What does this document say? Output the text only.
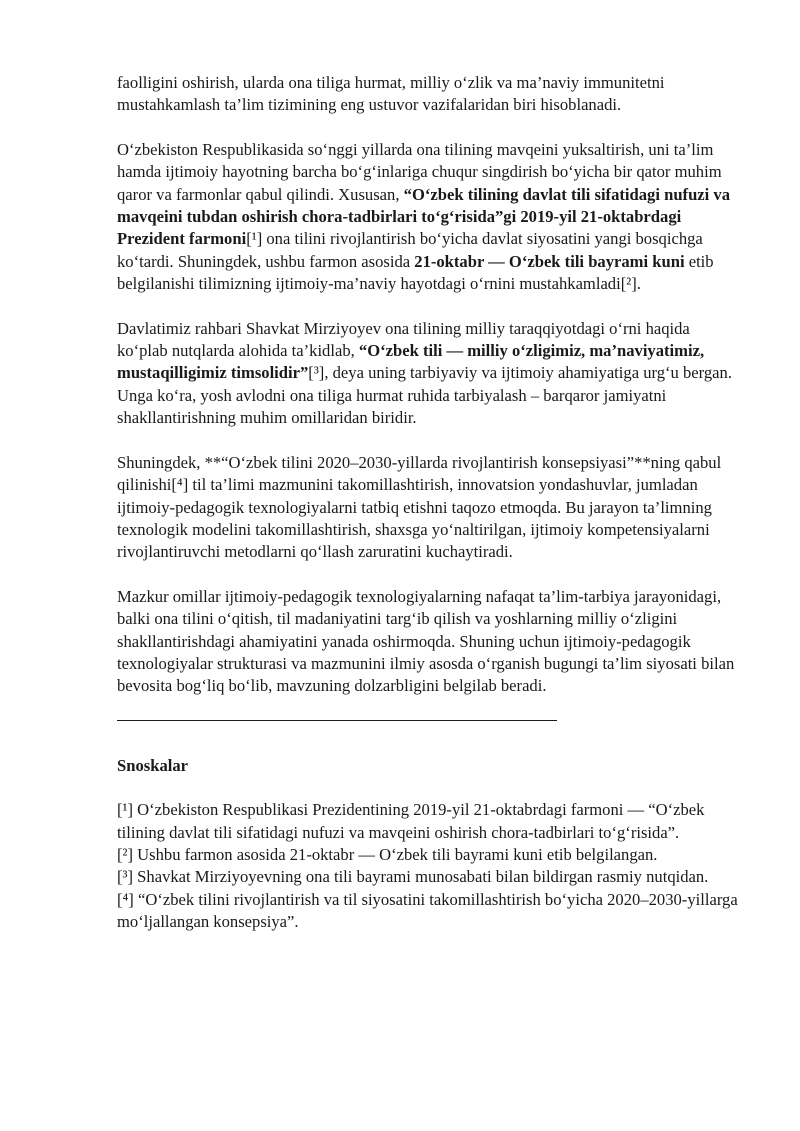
faolligini oshirish, ularda ona tiliga hurmat, milliy o‘zlik va ma’naviy immunitetni mustahkamlash ta’lim tizimining eng ustuvor vazifalaridan biri hisoblanadi.

O‘zbekiston Respublikasida so‘nggi yillarda ona tilining mavqeini yuksaltirish, uni ta’lim hamda ijtimoiy hayotning barcha bo‘g‘inlariga chuqur singdirish bo‘yicha bir qator muhim qaror va farmonlar qabul qilindi. Xususan, “O‘zbek tilining davlat tili sifatidagi nufuzi va mavqeini tubdan oshirish chora-tadbirlari to‘g‘risida”gi 2019-yil 21-oktabrdagi Prezident farmoni[¹] ona tilini rivojlantirish bo‘yicha davlat siyosatini yangi bosqichga ko‘tardi. Shuningdek, ushbu farmon asosida 21-oktabr — O‘zbek tili bayrami kuni etib belgilanishi tilimizning ijtimoiy-ma’naviy hayotdagi o‘rnini mustahkamladi[²].

Davlatimiz rahbari Shavkat Mirziyoyev ona tilining milliy taraqqiyotdagi o‘rni haqida ko‘plab nutqlarda alohida ta’kidlab, “O‘zbek tili — milliy o‘zligimiz, ma’naviyatimiz, mustaqilligimiz timsolidir”[³], deya uning tarbiyaviy va ijtimoiy ahamiyatiga urg‘u bergan. Unga ko‘ra, yosh avlodni ona tiliga hurmat ruhida tarbiyalash – barqaror jamiyatni shakllantirishning muhim omillaridan biridir.

Shuningdek, **“O‘zbek tilini 2020–2030-yillarda rivojlantirish konsepsiyasi”**ning qabul qilinishi[⁴] til ta’limi mazmunini takomillashtirish, innovatsion yondashuvlar, jumladan ijtimoiy-pedagogik texnologiyalarni tatbiq etishni taqozo etmoqda. Bu jarayon ta’limning texnologik modelini takomillashtirish, shaxsga yo‘naltirilgan, ijtimoiy kompetensiyalarni rivojlantiruvchi metodlarni qo‘llash zaruratini kuchaytiradi.

Mazkur omillar ijtimoiy-pedagogik texnologiyalarning nafaqat ta’lim-tarbiya jarayonidagi, balki ona tilini o‘qitish, til madaniyatini targ‘ib qilish va yoshlarning milliy o‘zligini shakllantirishdagi ahamiyatini yanada oshirmoqda. Shuning uchun ijtimoiy-pedagogik texnologiyalar strukturasi va mazmunini ilmiy asosda o‘rganish bugungi ta’lim siyosati bilan bevosita bog‘liq bo‘lib, mavzuning dolzarbligini belgilab beradi.

Snoskalar

[¹] O‘zbekiston Respublikasi Prezidentining 2019-yil 21-oktabrdagi farmoni — “O‘zbek tilining davlat tili sifatidagi nufuzi va mavqeini oshirish chora-tadbirlari to‘g‘risida”.

[²] Ushbu farmon asosida 21-oktabr — O‘zbek tili bayrami kuni etib belgilangan.

[³] Shavkat Mirziyoyevning ona tili bayrami munosabati bilan bildirgan rasmiy nutqidan.

[⁴] “O‘zbek tilini rivojlantirish va til siyosatini takomillashtirish bo‘yicha 2020–2030-yillarga mo‘ljallangan konsepsiya”.
